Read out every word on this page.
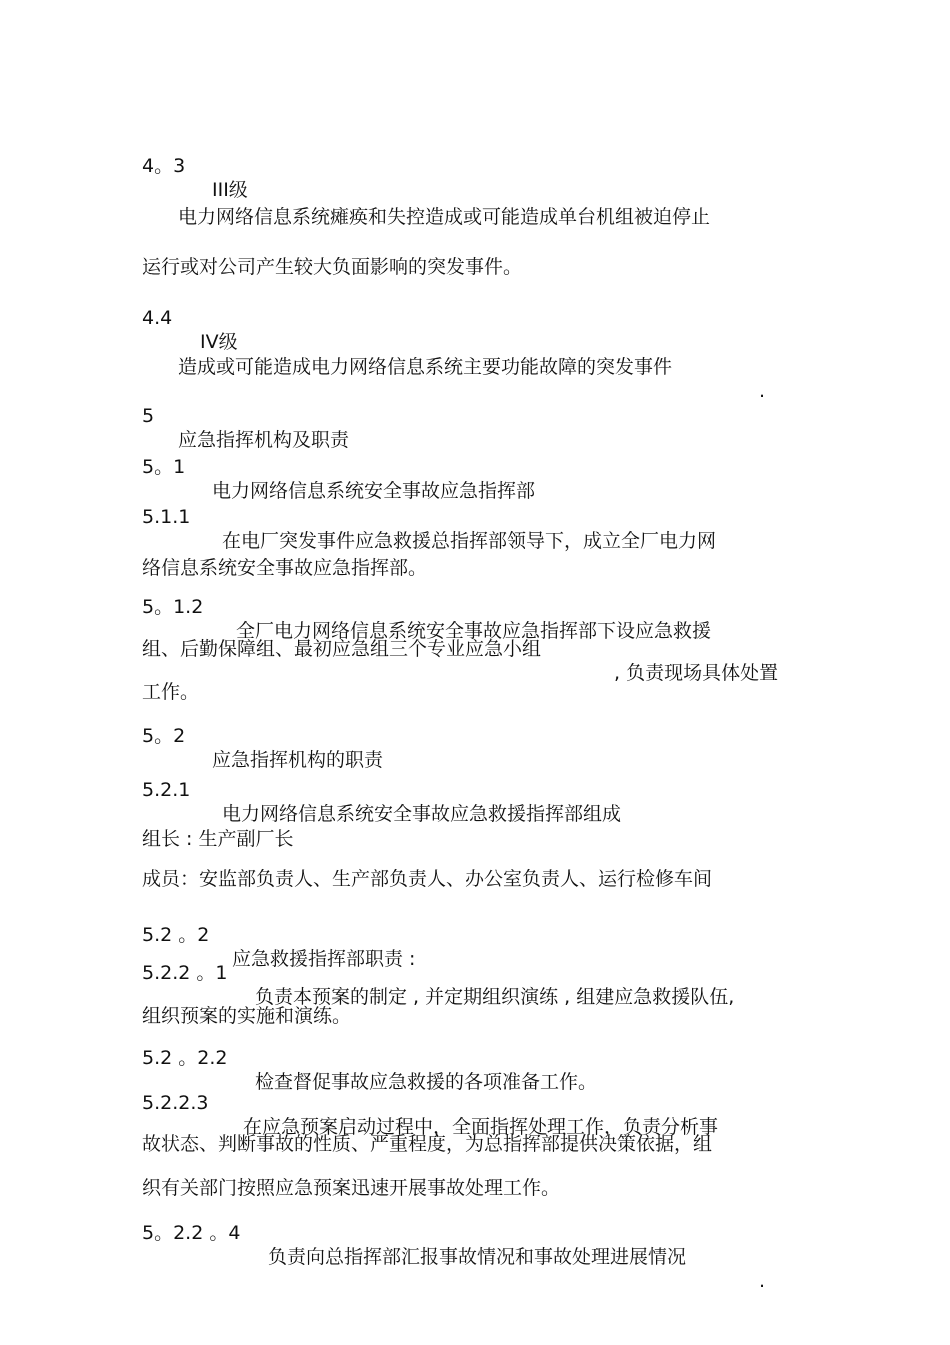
4。3

III级

电力网络信息系统瘫痪和失控造成或可能造成单台机组被迫停止

运行或对公司产生较大负面影响的突发事件。

4.4

IV级

造成或可能造成电力网络信息系统主要功能故障的突发事件

.

5

应急指挥机构及职责

5。1

电力网络信息系统安全事故应急指挥部

5.1.1

在电厂突发事件应急救援总指挥部领导下，成立全厂电力网

络信息系统安全事故应急指挥部。

5。1.2

全厂电力网络信息系统安全事故应急指挥部下设应急救援

组、后勤保障组、最初应急组三个专业应急小组

, 负责现场具体处置

工作。

5。2

应急指挥机构的职责

5.2.1

电力网络信息系统安全事故应急救援指挥部组成

组长 : 生产副厂长

成员：安监部负责人、生产部负责人、办公室负责人、运行检修车间

5.2 。2

应急救援指挥部职责 :

5.2.2 。1

负责本预案的制定 , 并定期组织演练 , 组建应急救援队伍,

组织预案的实施和演练。

5.2 。2.2

检查督促事故应急救援的各项准备工作。

5.2.2.3

在应急预案启动过程中，全面指挥处理工作，负责分析事

故状态、判断事故的性质、严重程度，为总指挥部提供决策依据，组

织有关部门按照应急预案迅速开展事故处理工作。

5。2.2 。4

负责向总指挥部汇报事故情况和事故处理进展情况

.
